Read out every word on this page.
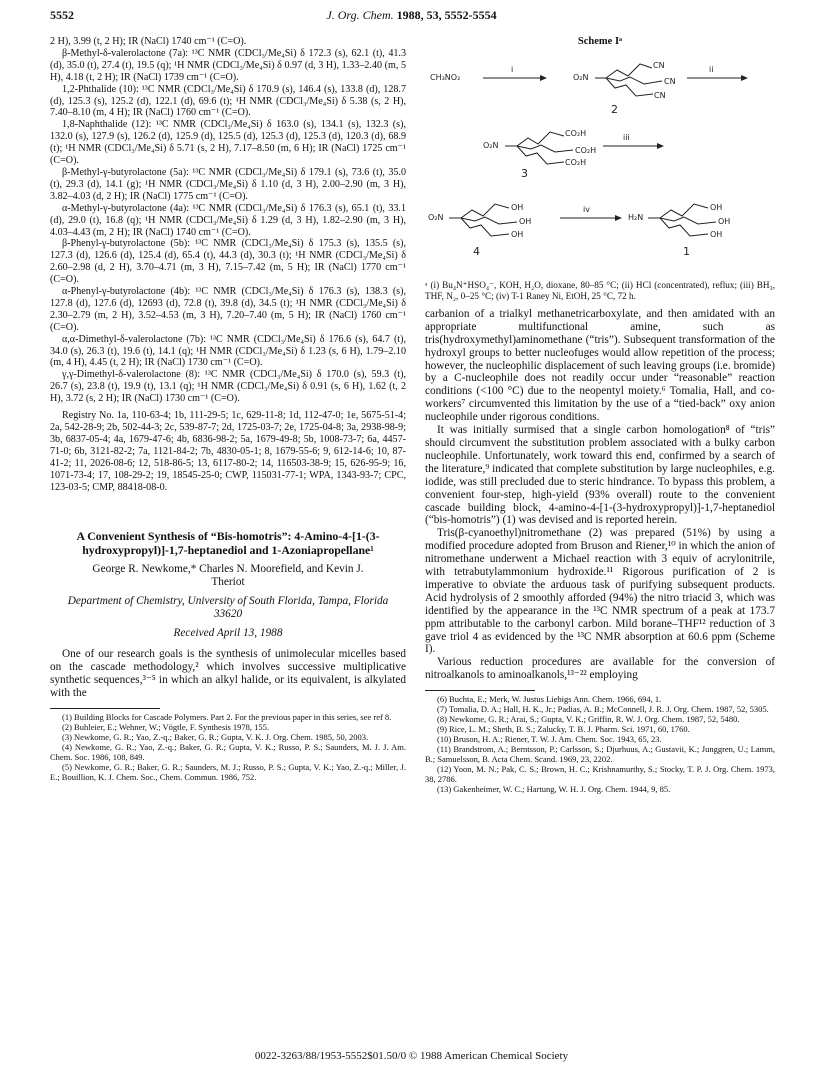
5552	J. Org. Chem. 1988, 53, 5552-5554

2 H), 3.99 (t, 2 H); IR (NaCl) 1740 cm⁻¹ (C=O).

β-Methyl-δ-valerolactone (7a): ¹³C NMR (CDCl₃/Me₄Si) δ 172.3 (s), 62.1 (t), 41.3 (d), 35.0 (t), 27.4 (t), 19.5 (q); ¹H NMR (CDCl₃/Me₄Si) δ 0.97 (d, 3 H), 1.33–2.40 (m, 5 H), 4.18 (t, 2 H); IR (NaCl) 1739 cm⁻¹ (C=O).

1,2-Phthalide (10): ¹³C NMR (CDCl₃/Me₄Si) δ 170.9 (s), 146.4 (s), 133.8 (d), 128.7 (d), 125.3 (s), 125.2 (d), 122.1 (d), 69.6 (t); ¹H NMR (CDCl₃/Me₄Si) δ 5.38 (s, 2 H), 7.40–8.10 (m, 4 H); IR (NaCl) 1760 cm⁻¹ (C=O).

1,8-Naphthalide (12): ¹³C NMR (CDCl₃/Me₄Si) δ 163.0 (s), 134.1 (s), 132.3 (s), 132.0 (s), 127.9 (s), 126.2 (d), 125.9 (d), 125.5 (d), 125.3 (d), 125.3 (d), 120.3 (d), 68.9 (t); ¹H NMR (CDCl₃/Me₄Si) δ 5.71 (s, 2 H), 7.17–8.50 (m, 6 H); IR (NaCl) 1725 cm⁻¹ (C=O).

β-Methyl-γ-butyrolactone (5a): ¹³C NMR (CDCl₃/Me₄Si) δ 179.1 (s), 73.6 (t), 35.0 (t), 29.3 (d), 14.1 (g); ¹H NMR (CDCl₃/Me₄Si) δ 1.10 (d, 3 H), 2.00–2.90 (m, 3 H), 3.82–4.03 (d, 2 H); IR (NaCl) 1775 cm⁻¹ (C=O).

α-Methyl-γ-butyrolactone (4a): ¹³C NMR (CDCl₃/Me₄Si) δ 176.3 (s), 65.1 (t), 33.1 (d), 29.0 (t), 16.8 (q); ¹H NMR (CDCl₃/Me₄Si) δ 1.29 (d, 3 H), 1.82–2.90 (m, 3 H), 4.03–4.43 (m, 2 H); IR (NaCl) 1740 cm⁻¹ (C=O).

β-Phenyl-γ-butyrolactone (5b): ¹³C NMR (CDCl₃/Me₄Si) δ 175.3 (s), 135.5 (s), 127.3 (d), 126.6 (d), 125.4 (d), 65.4 (t), 44.3 (d), 30.3 (t); ¹H NMR (CDCl₃/Me₄Si) δ 2.60–2.98 (d, 2 H), 3.70–4.71 (m, 3 H), 7.15–7.42 (m, 5 H); IR (NaCl) 1770 cm⁻¹ (C=O).

α-Phenyl-γ-butyrolactone (4b): ¹³C NMR (CDCl₃/Me₄Si) δ 176.3 (s), 138.3 (s), 127.8 (d), 127.6 (d), 12693 (d), 72.8 (t), 39.8 (d), 34.5 (t); ¹H NMR (CDCl₃/Me₄Si) δ 2.30–2.79 (m, 2 H), 3.52–4.53 (m, 3 H), 7.20–7.40 (m, 5 H); IR (NaCl) 1760 cm⁻¹ (C=O).

α,α-Dimethyl-δ-valerolactone (7b): ¹³C NMR (CDCl₃/Me₄Si) δ 176.6 (s), 64.7 (t), 34.0 (s), 26.3 (t), 19.6 (t), 14.1 (q); ¹H NMR (CDCl₃/Me₄Si) δ 1.23 (s, 6 H), 1.79–2.10 (m, 4 H), 4.45 (t, 2 H); IR (NaCl) 1730 cm⁻¹ (C=O).

γ,γ-Dimethyl-δ-valerolactone (8): ¹³C NMR (CDCl₃/Me₄Si) δ 170.0 (s), 59.3 (t), 26.7 (s), 23.8 (t), 19.9 (t), 13.1 (q); ¹H NMR (CDCl₃/Me₄Si) δ 0.91 (s, 6 H), 1.62 (t, 2 H), 3.72 (s, 2 H); IR (NaCl) 1730 cm⁻¹ (C=O).

Registry No. 1a, 110-63-4; 1b, 111-29-5; 1c, 629-11-8; 1d, 112-47-0; 1e, 5675-51-4; 2a, 542-28-9; 2b, 502-44-3; 2c, 539-87-7; 2d, 1725-03-7; 2e, 1725-04-8; 3a, 2938-98-9; 3b, 6837-05-4; 4a, 1679-47-6; 4b, 6836-98-2; 5a, 1679-49-8; 5b, 1008-73-7; 6a, 4457-71-0; 6b, 3121-82-2; 7a, 1121-84-2; 7b, 4830-05-1; 8, 1679-55-6; 9, 612-14-6; 10, 87-41-2; 11, 2026-08-6; 12, 518-86-5; 13, 6117-80-2; 14, 116503-38-9; 15, 626-95-9; 16, 1071-73-4; 17, 108-29-2; 19, 18545-25-0; CWP, 115031-77-1; WPA, 1343-93-7; CPC, 123-03-5; CMP, 88418-08-0.

A Convenient Synthesis of “Bis-homotris”: 4-Amino-4-[1-(3-hydroxypropyl)]-1,7-heptanediol and 1-Azoniapropellane¹

George R. Newkome,* Charles N. Moorefield, and Kevin J. Theriot

Department of Chemistry, University of South Florida, Tampa, Florida 33620

Received April 13, 1988

One of our research goals is the synthesis of unimolecular micelles based on the cascade methodology,² which involves successive multiplicative synthetic sequences,³⁻⁵ in which an alkyl halide, or its equivalent, is alkylated with the

(1) Building Blocks for Cascade Polymers. Part 2. For the previous paper in this series, see ref 8.

(2) Buhleier, E.; Wehner, W.; Vögtle, F. Synthesis 1978, 155.

(3) Newkome, G. R.; Yao, Z.-q.; Baker, G. R.; Gupta, V. K. J. Org. Chem. 1985, 50, 2003.

(4) Newkome, G. R.; Yao, Z.-q.; Baker, G. R.; Gupta, V. K.; Russo, P. S.; Saunders, M. J. J. Am. Chem. Soc. 1986, 108, 849.

(5) Newkome, G. R.; Baker, G. R.; Saunders, M. J.; Russo, P. S.; Gupta, V. K.; Yao, Z.-q.; Miller, J. E.; Bouillion, K. J. Chem. Soc., Chem. Commun. 1986, 752.

Scheme Iᵃ
CH₃NO₂
i
O₂N
CN
CN
CN
ii
2
O₂N
CO₂H
CO₂H
CO₂H
iii
3
O₂N
OH
OH
OH
iv
4
H₂N
OH
OH
OH
1

ᵃ (i) Bu₄N⁺HSO₄⁻, KOH, H₂O, dioxane, 80–85 °C; (ii) HCl (concentrated), reflux; (iii) BH₃, THF, N₂, 0–25 °C; (iv) T-1 Raney Ni, EtOH, 25 °C, 72 h.

carbanion of a trialkyl methanetricarboxylate, and then amidated with an appropriate multifunctional amine, such as tris(hydroxymethyl)aminomethane (“tris”). Subsequent transformation of the hydroxyl groups to better nucleofuges would allow repetition of the process; however, the nucleophilic displacement of such leaving groups (i.e. bromide) by a C-nucleophile does not readily occur under “reasonable” reaction conditions (<100 °C) due to the neopentyl moiety.⁶ Tomalia, Hall, and co-workers⁷ circumvented this limitation by the use of a “tied-back” oxy anion nucleophile under rigorous conditions.

It was initially surmised that a single carbon homologation⁸ of “tris” should circumvent the substitution problem associated with a bulky carbon nucleophile. Unfortunately, work toward this end, confirmed by a search of the literature,⁹ indicated that complete substitution by large nucleophiles, e.g. iodide, was still precluded due to steric hindrance. To bypass this problem, a convenient four-step, high-yield (93% overall) route to the convenient cascade building block, 4-amino-4-[1-(3-hydroxypropyl)]-1,7-heptanediol (“bis-homotris”) (1) was devised and is reported herein.

Tris(β-cyanoethyl)nitromethane (2) was prepared (51%) by using a modified procedure adopted from Bruson and Riener,¹⁰ in which the anion of nitromethane underwent a Michael reaction with 3 equiv of acrylonitrile, with tetrabutylammonium hydroxide.¹¹ Rigorous purification of 2 is imperative to obviate the arduous task of purifying subsequent products. Acid hydrolysis of 2 smoothly afforded (94%) the nitro triacid 3, which was identified by the appearance in the ¹³C NMR spectrum of a peak at 173.7 ppm attributable to the carbonyl carbon. Mild borane–THF¹² reduction of 3 gave triol 4 as evidenced by the ¹³C NMR absorption at 60.6 ppm (Scheme I).

Various reduction procedures are available for the conversion of nitroalkanols to aminoalkanols,¹³⁻²² employing

(6) Buchta, E.; Merk, W. Justus Liebigs Ann. Chem. 1966, 694, 1.

(7) Tomalia, D. A.; Hall, H. K., Jr.; Padias, A. B.; McConnell, J. R. J. Org. Chem. 1987, 52, 5305.

(8) Newkome, G. R.; Arai, S.; Gupta, V. K.; Griffin, R. W. J. Org. Chem. 1987, 52, 5480.

(9) Rice, L. M.; Sheth, B. S.; Zalucky, T. B. J. Pharm. Sci. 1971, 60, 1760.

(10) Bruson, H. A.; Riener, T. W. J. Am. Chem. Soc. 1943, 65, 23.

(11) Brandstrom, A.; Berntsson, P.; Carlsson, S.; Djurhuus, A.; Gustavii, K.; Junggren, U.; Lamm, B.; Samuelsson, B. Acta Chem. Scand. 1969, 23, 2202.

(12) Yoon, M. N.; Pak, C. S.; Brown, H. C.; Krishnamurthy, S.; Stocky, T. P. J. Org. Chem. 1973, 38, 2786.

(13) Gakenheimer, W. C.; Hartung, W. H. J. Org. Chem. 1944, 9, 85.

0022-3263/88/1953-5552$01.50/0 © 1988 American Chemical Society
